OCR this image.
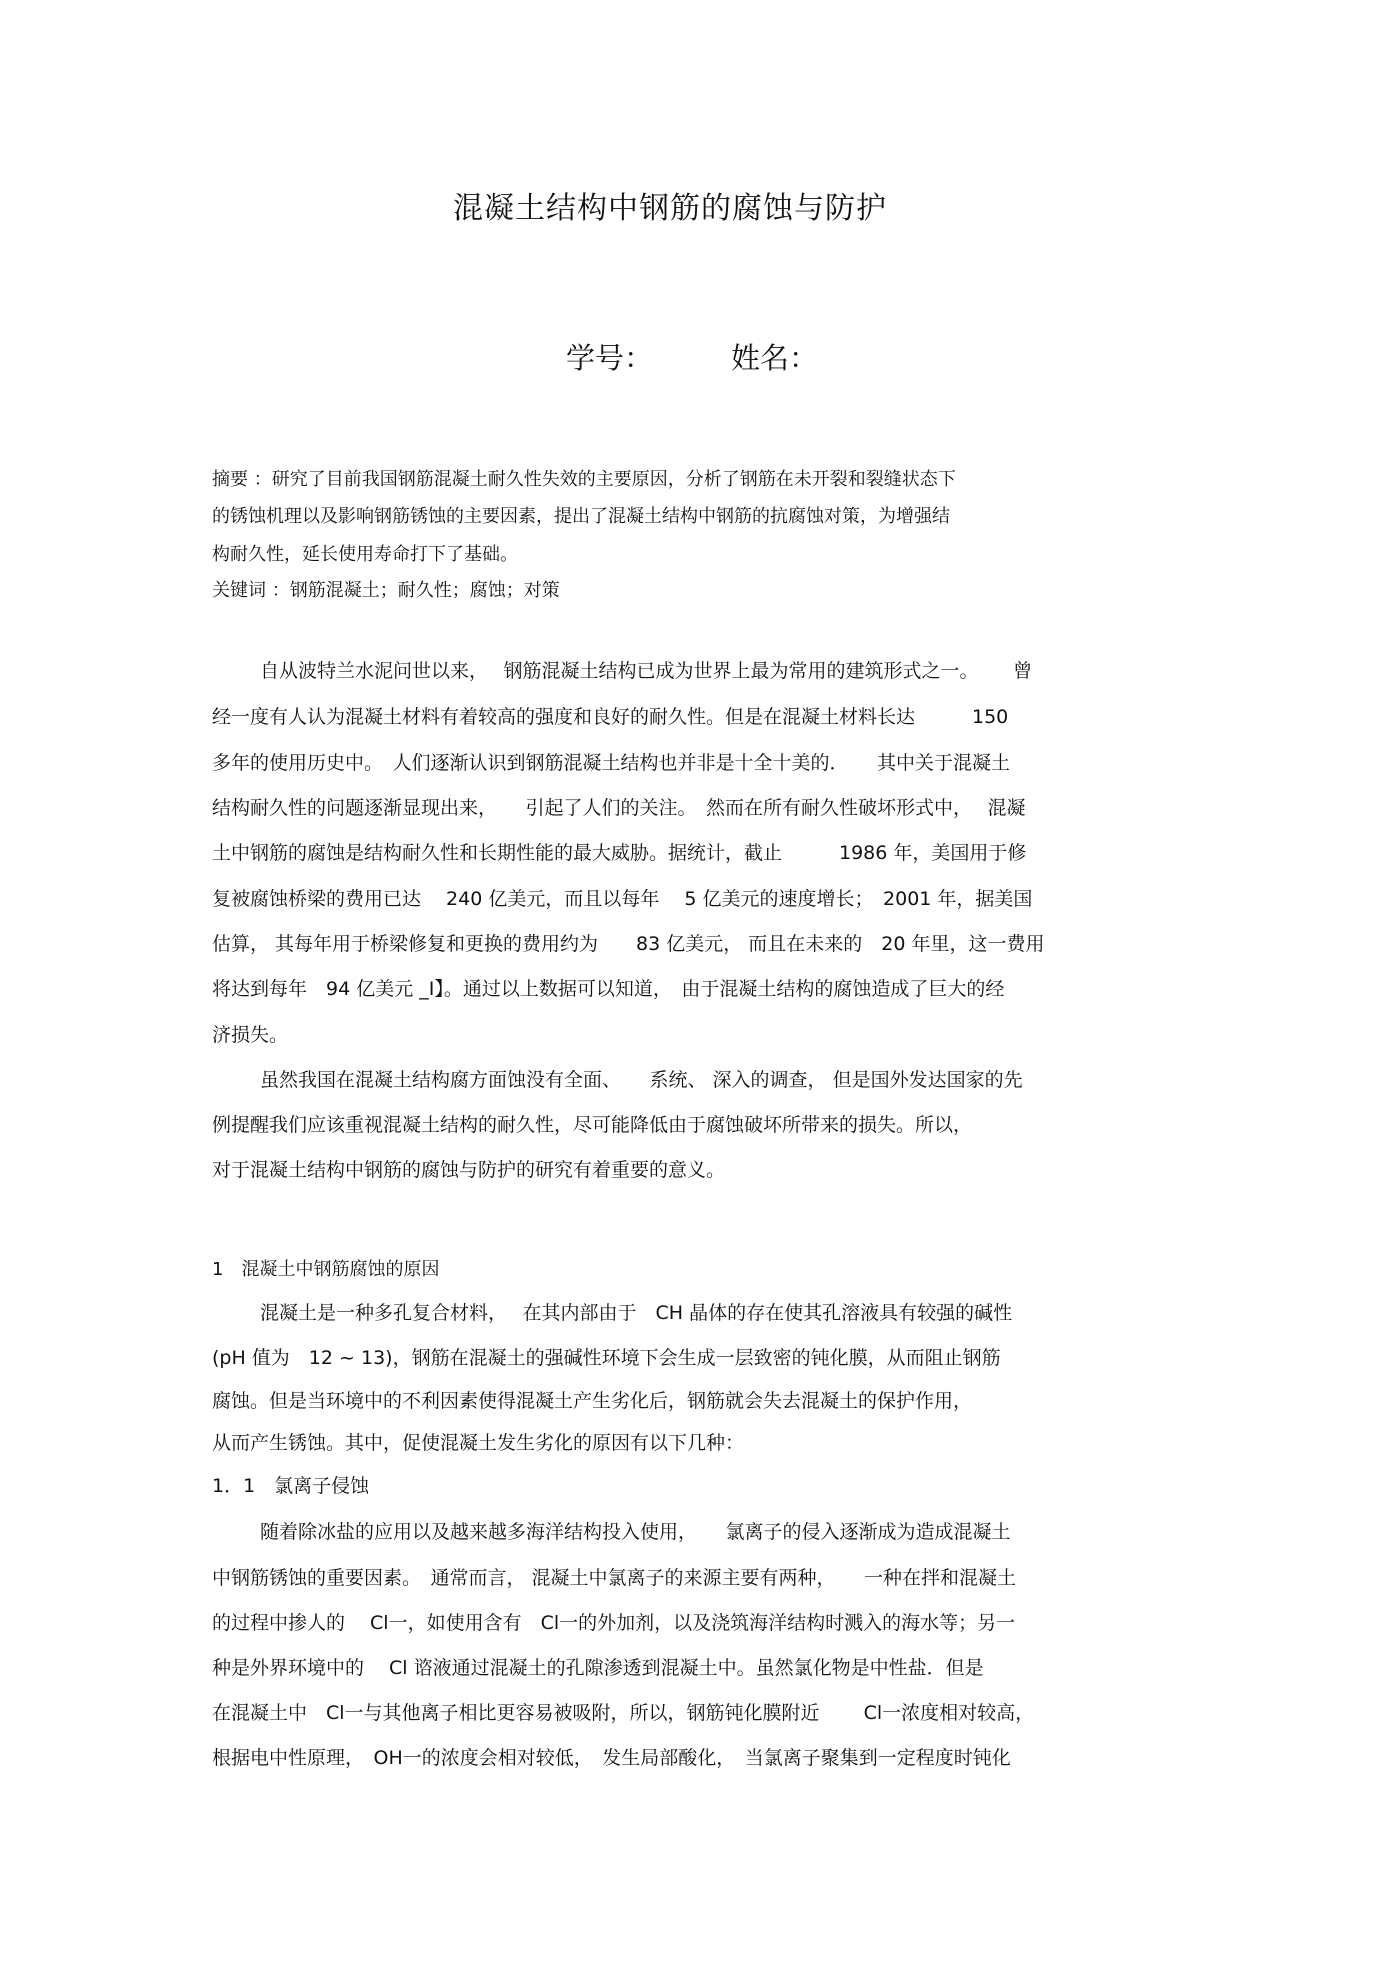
混凝土结构中钢筋的腐蚀与防护
学号：	姓名：
摘要 ：研究了目前我国钢筋混凝土耐久性失效的主要原因，分析了钢筋在未开裂和裂缝状态下
的锈蚀机理以及影响钢筋锈蚀的主要因素，提出了混凝土结构中钢筋的抗腐蚀对策，为增强结
构耐久性，延长使用寿命打下了基础。
关键词 ：钢筋混凝土；耐久性；腐蚀；对策
自从波特兰水泥问世以来，　 钢筋混凝土结构已成为世界上最为常用的建筑形式之一。　　 曾
经一度有人认为混凝土材料有着较高的强度和良好的耐久性。但是在混凝土材料长达　　　150
多年的使用历史中。　人们逐渐认识到钢筋混凝土结构也并非是十全十美的．　　其中关于混凝土
结构耐久性的问题逐渐显现出来，　　引起了人们的关注。　然而在所有耐久性破坏形式中，　 混凝
土中钢筋的腐蚀是结构耐久性和长期性能的最大威胁。据统计，截止　　　1986 年，美国用于修
复被腐蚀桥梁的费用已达　 240 亿美元，而且以每年　 5 亿美元的速度增长；　2001 年，据美国
估算， 其每年用于桥梁修复和更换的费用约为　　83 亿美元， 而且在未来的　20 年里，这一费用
将达到每年　94 亿美元 _I】。通过以上数据可以知道，　由于混凝土结构的腐蚀造成了巨大的经
济损失。
虽然我国在混凝土结构腐方面蚀没有全面、　　系统、 深入的调查， 但是国外发达国家的先
例提醒我们应该重视混凝土结构的耐久性，尽可能降低由于腐蚀破坏所带来的损失。所以，
对于混凝土结构中钢筋的腐蚀与防护的研究有着重要的意义。
1　混凝土中钢筋腐蚀的原因
混凝土是一种多孔复合材料，　 在其内部由于　CH 晶体的存在使其孔溶液具有较强的碱性
(pH 值为　12 ~ 13)，钢筋在混凝土的强碱性环境下会生成一层致密的钝化膜，从而阻止钢筋
腐蚀。但是当环境中的不利因素使得混凝土产生劣化后，钢筋就会失去混凝土的保护作用，
从而产生锈蚀。其中，促使混凝土发生劣化的原因有以下几种：
1．1　氯离子侵蚀
随着除冰盐的应用以及越来越多海洋结构投入使用，　　氯离子的侵入逐渐成为造成混凝土
中钢筋锈蚀的重要因素。　通常而言， 混凝土中氯离子的来源主要有两种，　　一种在拌和混凝土
的过程中掺人的　 Cl一，如使用含有　Cl一的外加剂，以及浇筑海洋结构时溅入的海水等；另一
种是外界环境中的　 Cl 谘液通过混凝土的孔隙渗透到混凝土中。虽然氯化物是中性盐．但是
在混凝土中　Cl一与其他离子相比更容易被吸附，所以，钢筋钝化膜附近　　 Cl一浓度相对较高，
根据电中性原理，　OH一的浓度会相对较低，　发生局部酸化，　当氯离子聚集到一定程度时钝化
